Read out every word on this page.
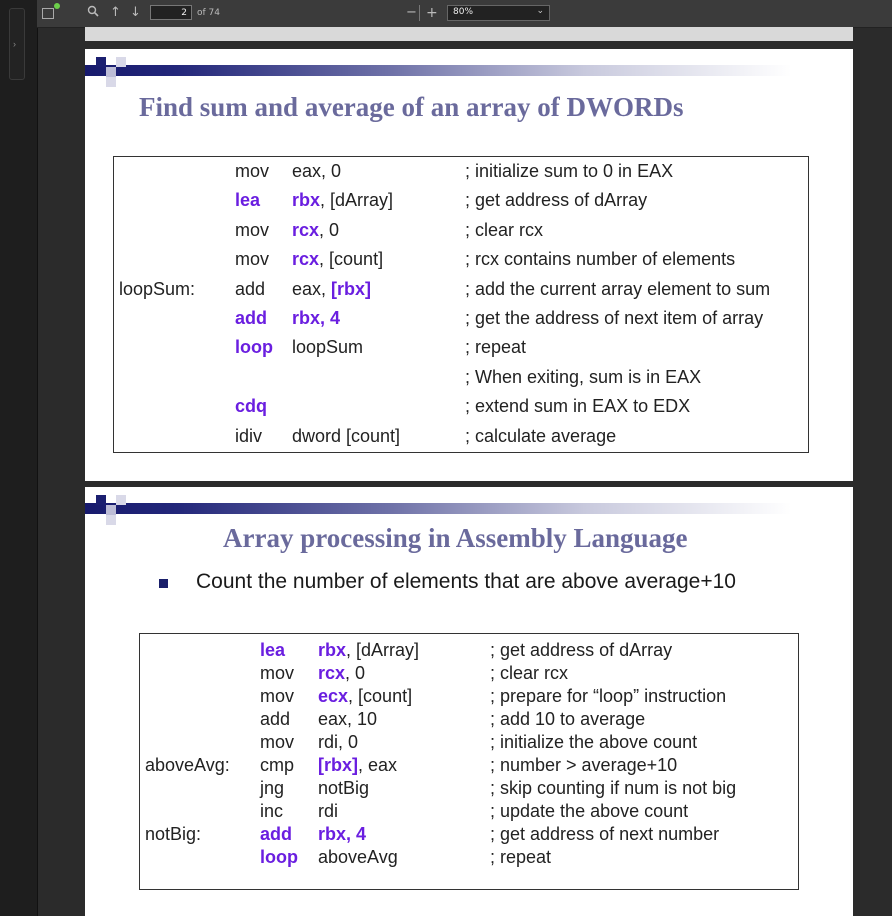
›
↑ ↓
2	of 74	− + 80%	⌄
Find sum and average of an array of DWORDs
mov eax, 0	; initialize sum to 0 in EAX
lea rbx, [dArray]	; get address of dArray
mov rcx, 0	; clear rcx
mov rcx, [count]	; rcx contains number of elements
loopSum: add eax, [rbx]	; add the current array element to sum
add rbx, 4	; get the address of next item of array
loop loopSum	; repeat
; When exiting, sum is in EAX
cdq	; extend sum in EAX to EDX
idiv dword [count]	; calculate average
Array processing in Assembly Language
Count the number of elements that are above average+10
lea rbx, [dArray]	; get address of dArray
mov rcx, 0	; clear rcx
mov ecx, [count]	; prepare for “loop” instruction
add eax, 10	; add 10 to average
mov rdi, 0	; initialize the above count
aboveAvg: cmp [rbx], eax	; number > average+10
jng notBig	; skip counting if num is not big
inc rdi	; update the above count
notBig:	add rbx, 4	; get address of next number
loop aboveAvg	; repeat
